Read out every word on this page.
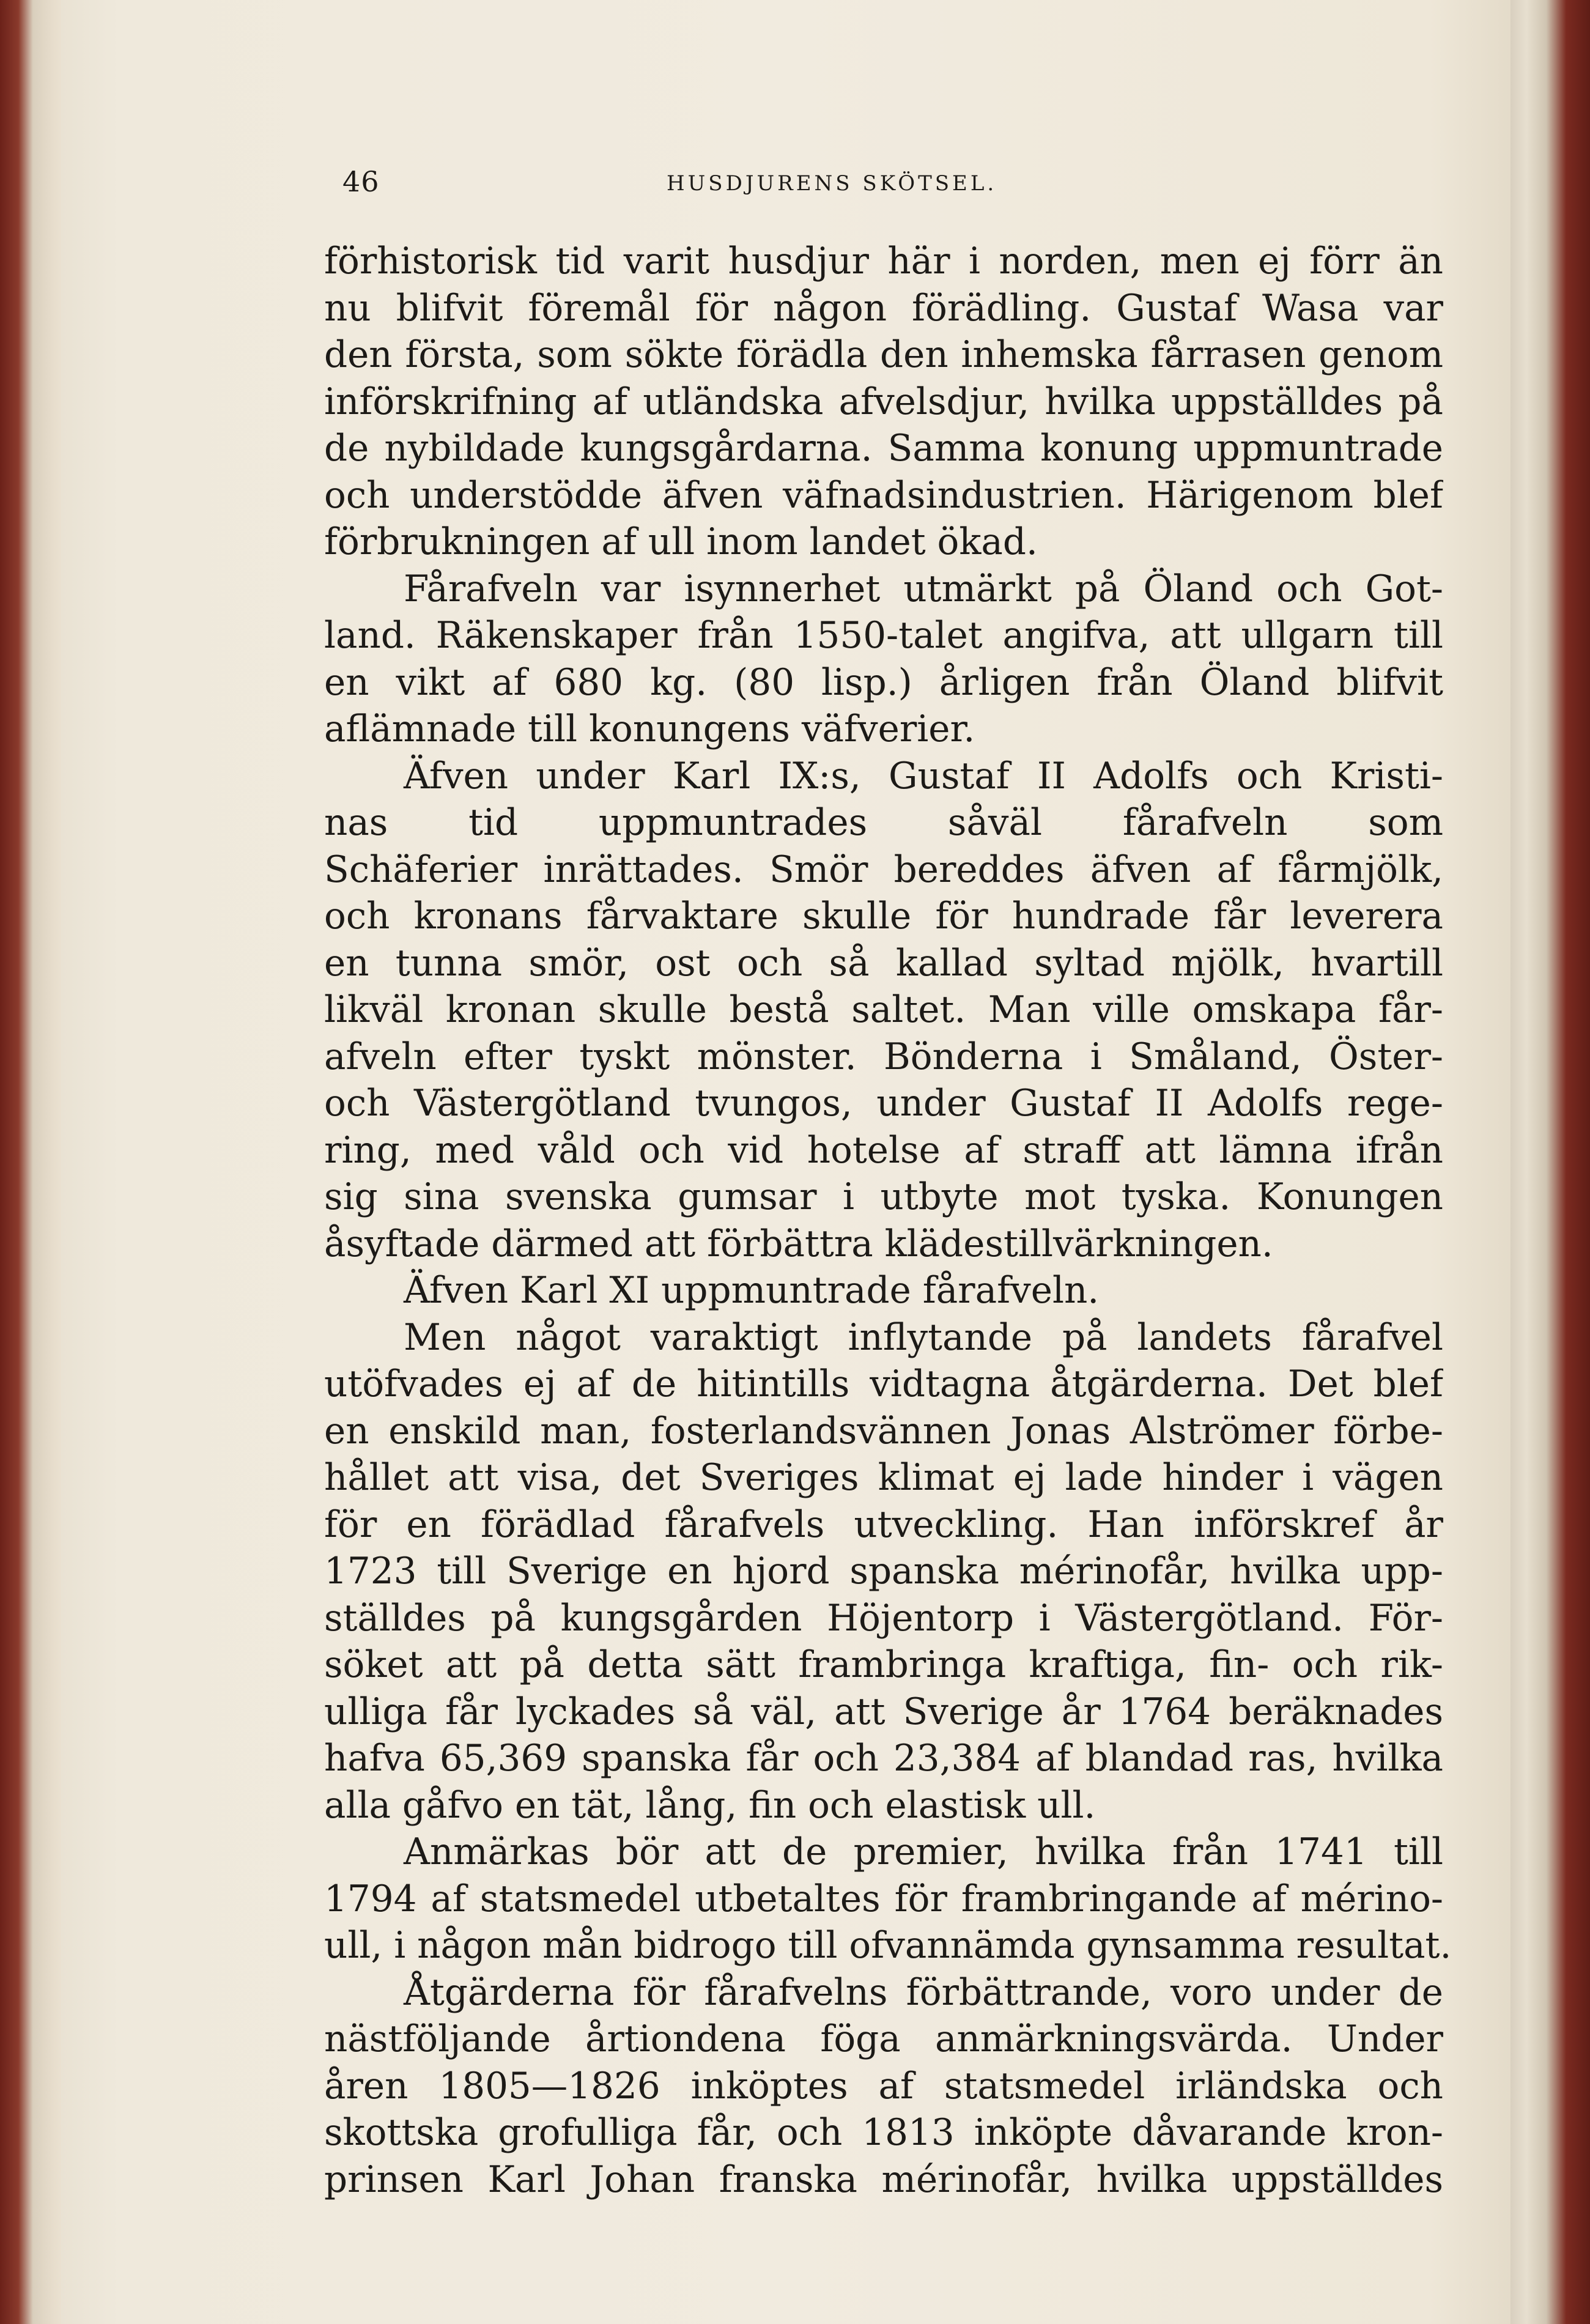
46	HUSDJURENS SKÖTSEL.
förhistorisk tid varit husdjur här i norden, men ej förr än
nu blifvit föremål för någon förädling. Gustaf Wasa var
den första, som sökte förädla den inhemska fårrasen genom
införskrifning af utländska afvelsdjur, hvilka uppställdes på
de nybildade kungsgårdarna. Samma konung uppmuntrade
och understödde äfven väfnadsindustrien. Härigenom blef
förbrukningen af ull inom landet ökad.
Fårafveln var isynnerhet utmärkt på Öland och Got-
land. Räkenskaper från 1550-talet angifva, att ullgarn till
en vikt af 680 kg. (80 lisp.) årligen från Öland blifvit
aflämnade till konungens väfverier.
Äfven under Karl IX:s, Gustaf II Adolfs och Kristi-
nas tid uppmuntrades såväl fårafveln som
Schäferier inrättades. Smör bereddes äfven af fårmjölk,
och kronans fårvaktare skulle för hundrade får leverera
en tunna smör, ost och så kallad syltad mjölk, hvartill
likväl kronan skulle bestå saltet. Man ville omskapa får-
afveln efter tyskt mönster. Bönderna i Småland, Öster-
och Västergötland tvungos, under Gustaf II Adolfs rege-
ring, med våld och vid hotelse af straff att lämna ifrån
sig sina svenska gumsar i utbyte mot tyska. Konungen
åsyftade därmed att förbättra klädestillvärkningen.
Äfven Karl XI uppmuntrade fårafveln.
Men något varaktigt inflytande på landets fårafvel
utöfvades ej af de hitintills vidtagna åtgärderna. Det blef
en enskild man, fosterlandsvännen Jonas Alströmer förbe-
hållet att visa, det Sveriges klimat ej lade hinder i vägen
för en förädlad fårafvels utveckling. Han införskref år
1723 till Sverige en hjord spanska mérinofår, hvilka upp-
ställdes på kungsgården Höjentorp i Västergötland. För-
söket att på detta sätt frambringa kraftiga, fin- och rik-
ulliga får lyckades så väl, att Sverige år 1764 beräknades
hafva 65,369 spanska får och 23,384 af blandad ras, hvilka
alla gåfvo en tät, lång, fin och elastisk ull.
Anmärkas bör att de premier, hvilka från 1741 till
1794 af statsmedel utbetaltes för frambringande af mérino-
ull, i någon mån bidrogo till ofvannämda gynsamma resultat.
Åtgärderna för fårafvelns förbättrande, voro under de
nästföljande årtiondena föga anmärkningsvärda. Under
åren 1805—1826 inköptes af statsmedel irländska och
skottska grofulliga får, och 1813 inköpte dåvarande kron-
prinsen Karl Johan franska mérinofår, hvilka uppställdes
